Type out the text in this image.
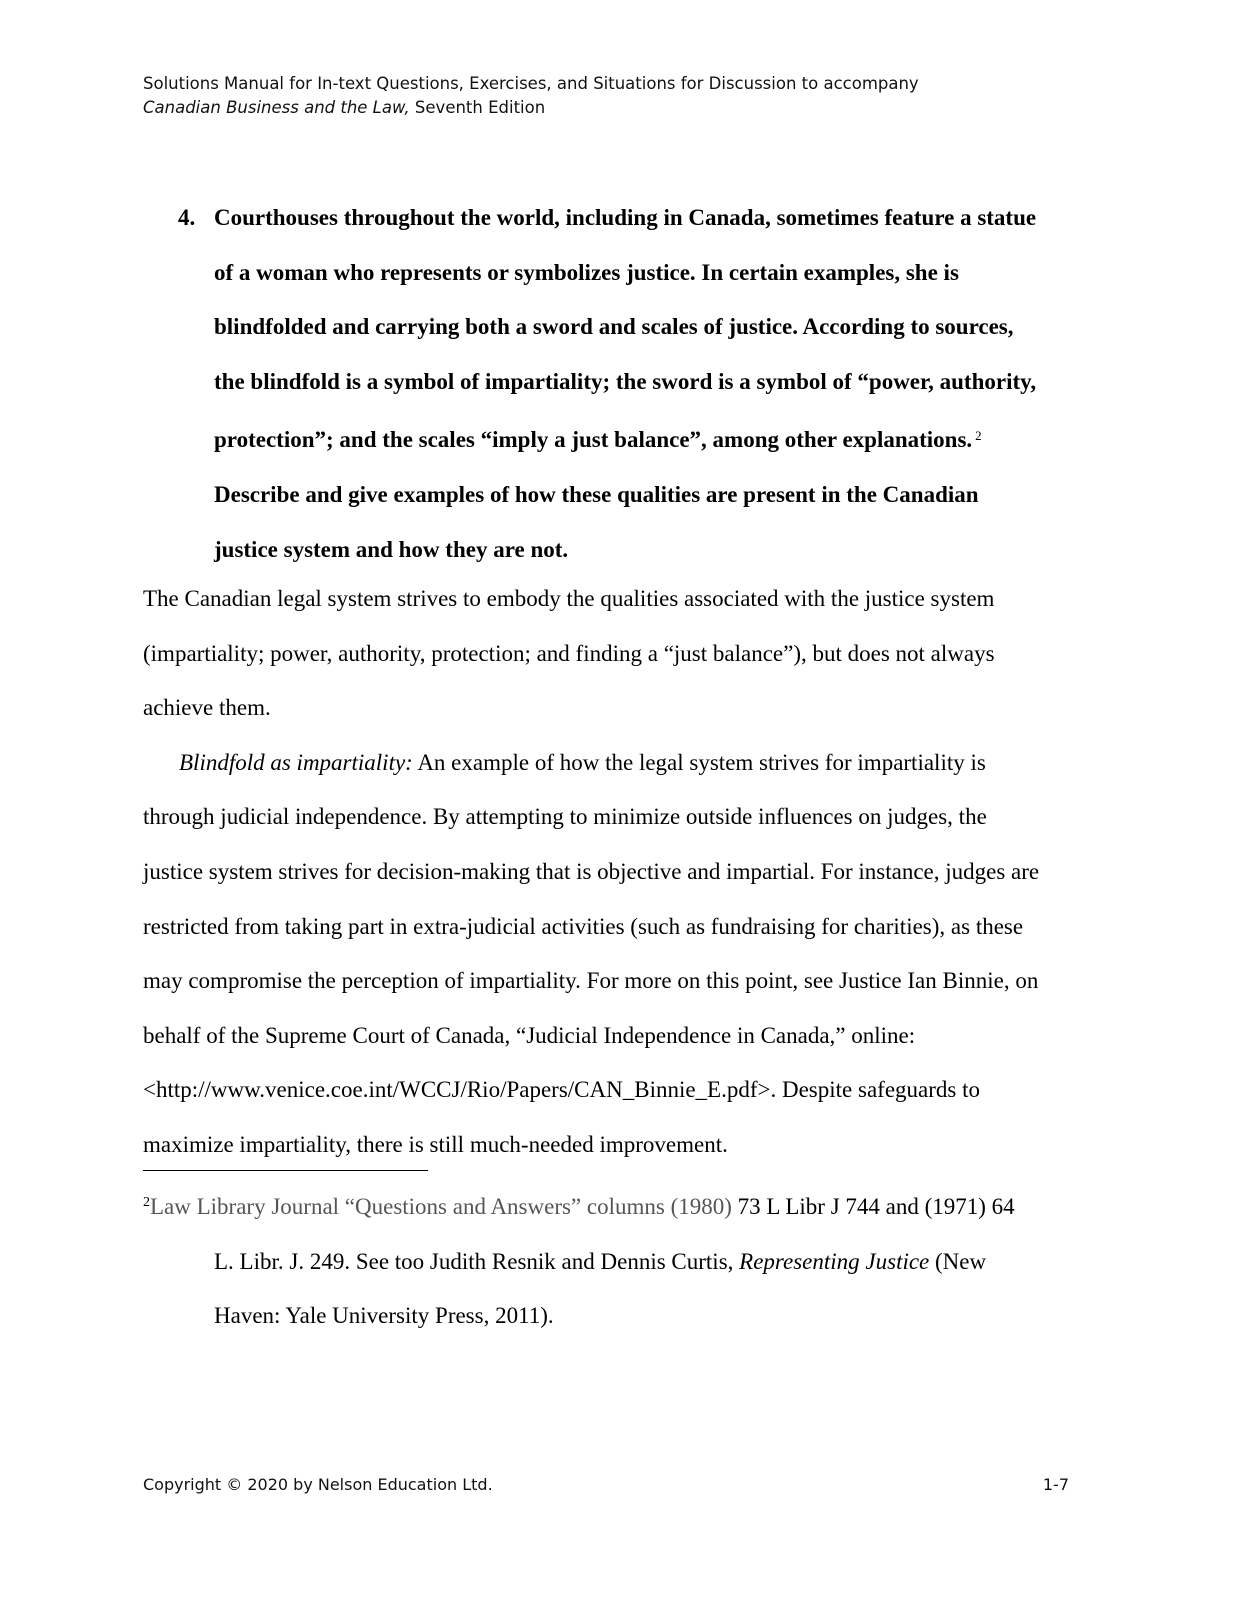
Solutions Manual for In-text Questions, Exercises, and Situations for Discussion to accompany
Canadian Business and the Law, Seventh Edition
4. Courthouses throughout the world, including in Canada, sometimes feature a statue
of a woman who represents or symbolizes justice. In certain examples, she is
blindfolded and carrying both a sword and scales of justice. According to sources,
the blindfold is a symbol of impartiality; the sword is a symbol of “power, authority,
protection”; and the scales “imply a just balance”, among other explanations. $^2$
Describe and give examples of how these qualities are present in the Canadian
justice system and how they are not.
The Canadian legal system strives to embody the qualities associated with the justice system
(impartiality; power, authority, protection; and finding a “just balance”), but does not always
achieve them.
Blindfold as impartiality: An example of how the legal system strives for impartiality is
through judicial independence. By attempting to minimize outside influences on judges, the
justice system strives for decision-making that is objective and impartial. For instance, judges are
restricted from taking part in extra-judicial activities (such as fundraising for charities), as these
may compromise the perception of impartiality. For more on this point, see Justice Ian Binnie, on
behalf of the Supreme Court of Canada, “Judicial Independence in Canada,” online:
<http://www.venice.coe.int/WCCJ/Rio/Papers/CAN_Binnie_E.pdf>. Despite safeguards to
maximize impartiality, there is still much-needed improvement.
$^2$Law Library Journal “Questions and Answers” columns (1980) 73 L Libr J 744 and (1971) 64
L. Libr. J. 249. See too Judith Resnik and Dennis Curtis, Representing Justice (New
Haven: Yale University Press, 2011).
Copyright © 2020 by Nelson Education Ltd.	1-7
